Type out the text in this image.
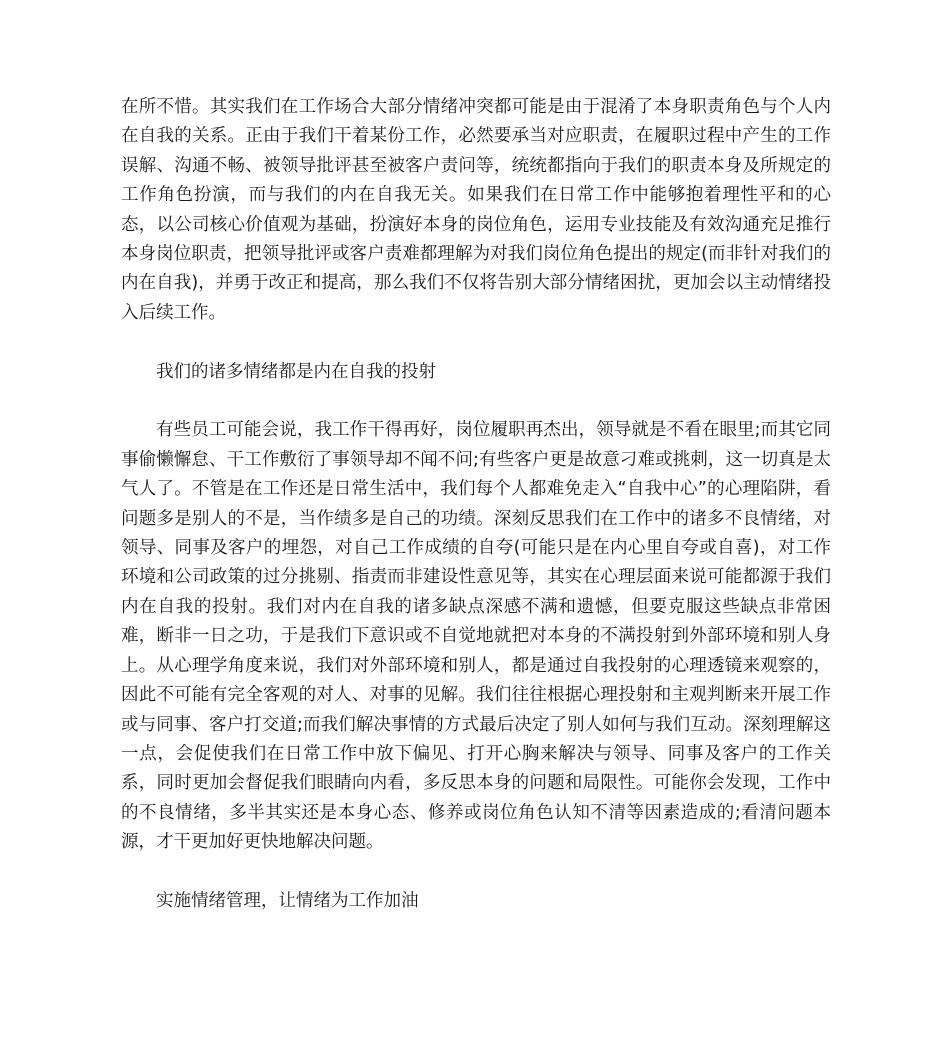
在所不惜。其实我们在工作场合大部分情绪冲突都可能是由于混淆了本身职责角色与个人内在自我的关系。正由于我们干着某份工作，必然要承当对应职责，在履职过程中产生的工作误解、沟通不畅、被领导批评甚至被客户责问等，统统都指向于我们的职责本身及所规定的工作角色扮演，而与我们的内在自我无关。如果我们在日常工作中能够抱着理性平和的心态，以公司核心价值观为基础，扮演好本身的岗位角色，运用专业技能及有效沟通充足推行本身岗位职责，把领导批评或客户责难都理解为对我们岗位角色提出的规定(而非针对我们的内在自我)，并勇于改正和提高，那么我们不仅将告别大部分情绪困扰，更加会以主动情绪投入后续工作。

我们的诸多情绪都是内在自我的投射

有些员工可能会说，我工作干得再好，岗位履职再杰出，领导就是不看在眼里;而其它同事偷懒懈怠、干工作敷衍了事领导却不闻不问;有些客户更是故意刁难或挑刺，这一切真是太气人了。不管是在工作还是日常生活中，我们每个人都难免走入“自我中心”的心理陷阱，看问题多是别人的不是，当作绩多是自己的功绩。深刻反思我们在工作中的诸多不良情绪，对领导、同事及客户的埋怨，对自己工作成绩的自夸(可能只是在内心里自夸或自喜)，对工作环境和公司政策的过分挑剔、指责而非建设性意见等，其实在心理层面来说可能都源于我们内在自我的投射。我们对内在自我的诸多缺点深感不满和遗憾，但要克服这些缺点非常困难，断非一日之功，于是我们下意识或不自觉地就把对本身的不满投射到外部环境和别人身上。从心理学角度来说，我们对外部环境和别人，都是通过自我投射的心理透镜来观察的，因此不可能有完全客观的对人、对事的见解。我们往往根据心理投射和主观判断来开展工作或与同事、客户打交道;而我们解决事情的方式最后决定了别人如何与我们互动。深刻理解这一点，会促使我们在日常工作中放下偏见、打开心胸来解决与领导、同事及客户的工作关系，同时更加会督促我们眼睛向内看，多反思本身的问题和局限性。可能你会发现，工作中的不良情绪，多半其实还是本身心态、修养或岗位角色认知不清等因素造成的;看清问题本源，才干更加好更快地解决问题。

实施情绪管理，让情绪为工作加油
